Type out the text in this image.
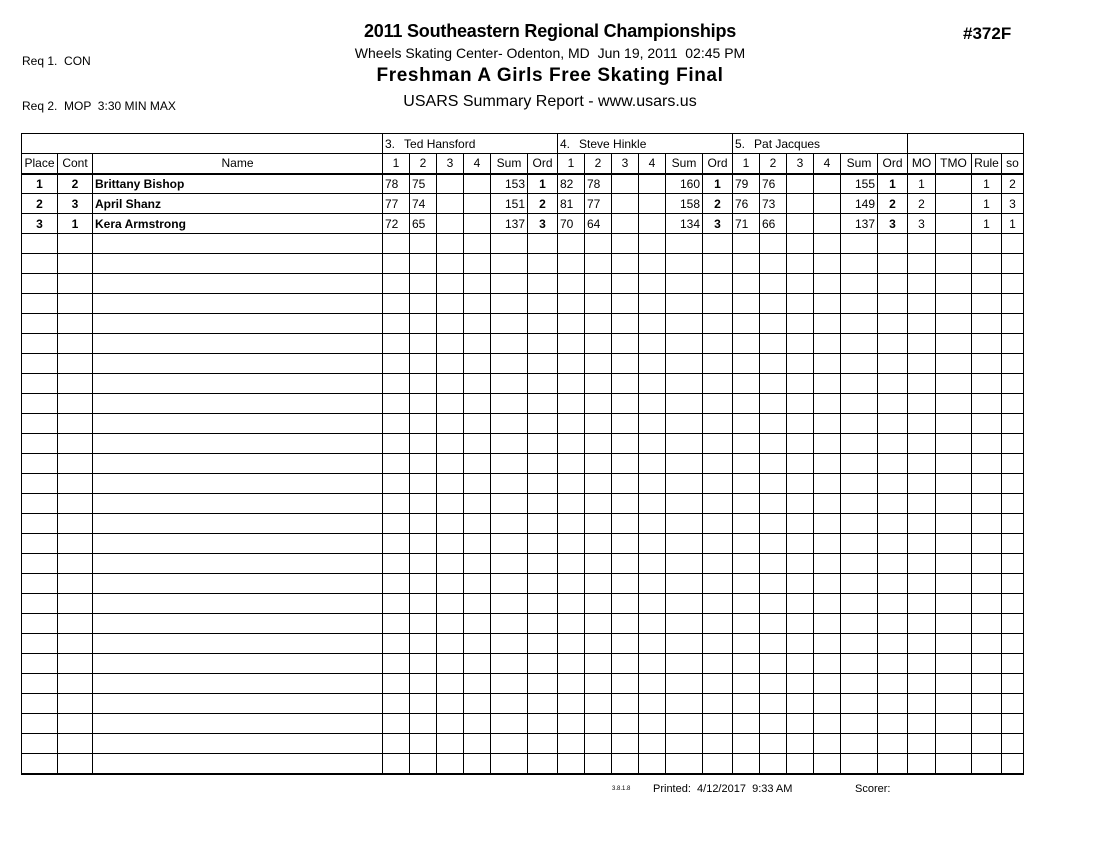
Req 1.  CON

Req 2.  MOP  3:30 MIN MAX

2011 Southeastern Regional Championships
Wheels Skating Center- Odenton, MD  Jun 19, 2011  02:45 PM
Freshman A Girls Free Skating Final
USARS Summary Report - www.usars.us
#372F
			3. Ted Hansford						4. Steve Hinkle						5. Pat Jacques									
Place	Cont	Name	1	2	3	4	Sum	Ord	1	2	3	4	Sum	Ord	1	2	3	4	Sum	Ord	MO	TMO	Rule	so
1	2	Brittany Bishop	78	75			153	1	82	78			160	1	79	76			155	1	1		1	2
2	3	April Shanz	77	74			151	2	81	77			158	2	76	73			149	2	2		1	3
3	1	Kera Armstrong	72	65			137	3	70	64			134	3	71	66			137	3	3		1	1

3.8.1.8 Printed:  4/12/2017  9:33 AM	Scorer:
